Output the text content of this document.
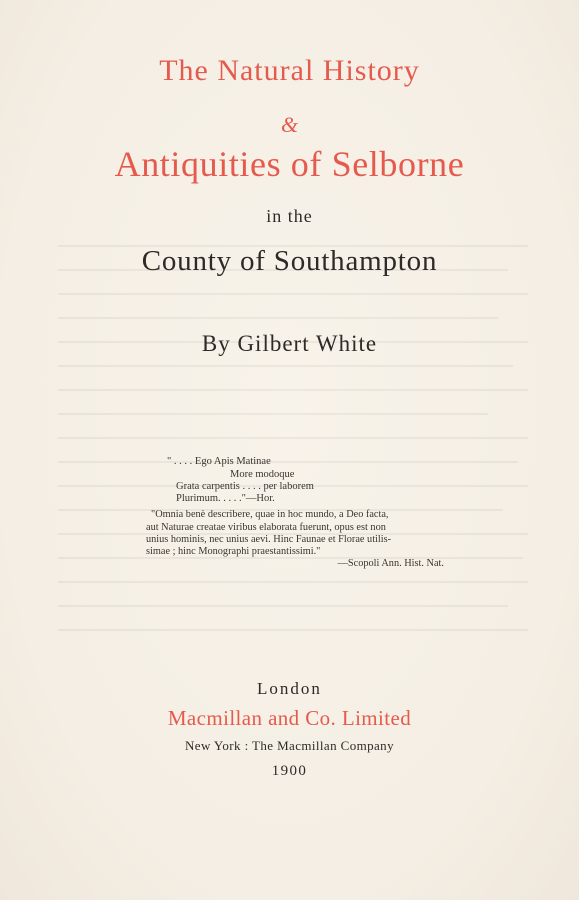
The Natural History
&
Antiquities of Selborne
in the
County of Southampton
By Gilbert White
" . . . . Ego Apis Matinae
More modoque
Grata carpentis . . . . per laborem
Plurimum. . . . ."—Hor.
"Omnia benè describere, quae in hoc mundo, a Deo facta,
aut Naturae creatae viribus elaborata fuerunt, opus est non
unius hominis, nec unius aevi. Hinc Faunae et Florae utilis-
simae ; hinc Monographi praestantissimi."
—Scopoli Ann. Hist. Nat.
London
Macmillan and Co. Limited
New York : The Macmillan Company
1900
